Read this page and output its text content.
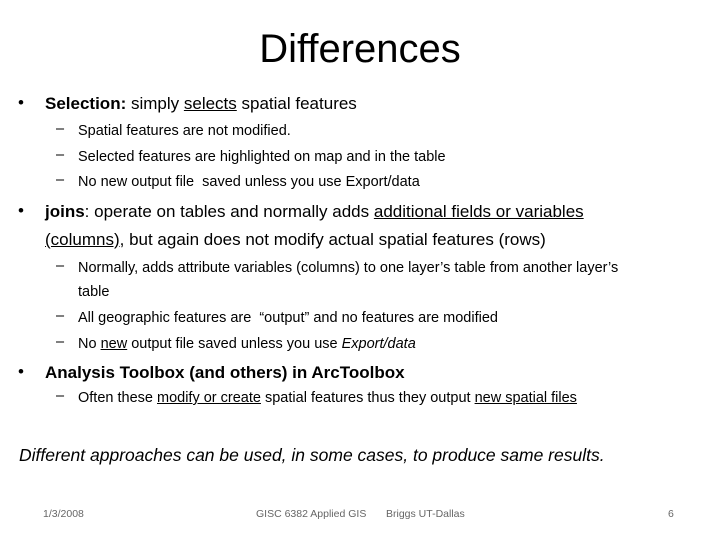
Differences
• Selection: simply selects spatial features
– Spatial features are not modified.
– Selected features are highlighted on map and in the table
– No new output file  saved unless you use Export/data
• joins: operate on tables and normally adds additional fields or variables
(columns), but again does not modify actual spatial features (rows)
– Normally, adds attribute variables (columns) to one layer’s table from another layer’s
table
– All geographic features are  “output” and no features are modified
– No new output file saved unless you use Export/data
• Analysis Toolbox (and others) in ArcToolbox
– Often these modify or create spatial features thus they output new spatial files
Different approaches can be used, in some cases, to produce same results.
1/3/2008	GISC 6382 Applied GIS Briggs UT-Dallas	6
